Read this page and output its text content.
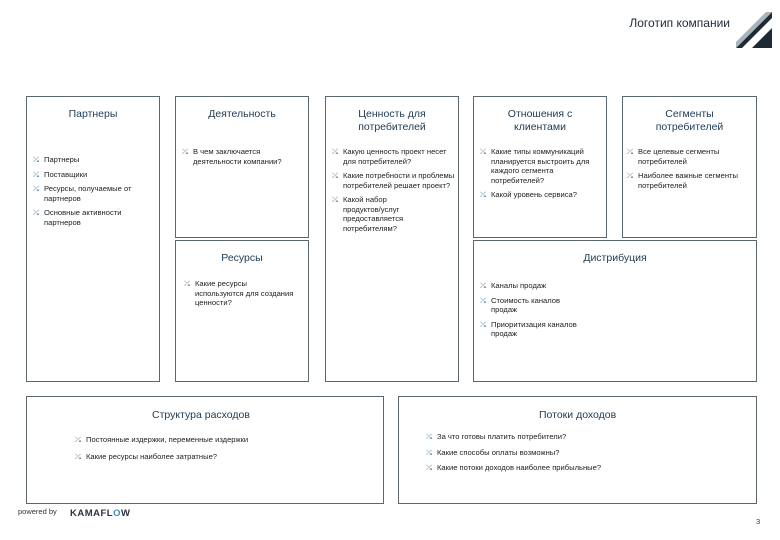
Логотип компании
Партнеры
⤯ Партнеры
⤯ Поставщики
⤯ Ресурсы, получаемые от партнеров
⤯ Основные активности партнеров
Деятельность
⤯ В чем заключается деятельности компании?
Ресурсы
⤯ Какие ресурсы используются для создания ценности?
Ценность для потребителей
⤯ Какую ценность проект несет для потребителей?
⤯ Какие потребности и проблемы потребителей решает проект?
⤯ Какой набор продуктов/услуг предоставляется потребителям?
Отношения с клиентами
⤯ Какие типы коммуникаций планируется выстроить для каждого сегмента потребителей?
⤯ Какой уровень сервиса?
Дистрибуция
⤯ Каналы продаж
⤯ Стоимость каналов продаж
⤯ Приоритизация каналов продаж
Сегменты потребителей
⤯ Все целевые сегменты потребителей
⤯ Наиболее важные сегменты потребителей
Структура расходов
⤯ Постоянные издержки, переменные издержки
⤯ Какие ресурсы наиболее затратные?
Потоки доходов
⤯ За что готовы платить потребители?
⤯ Какие способы оплаты возможны?
⤯ Какие потоки доходов наиболее прибыльные?
powered by KAMAFLOW
3
